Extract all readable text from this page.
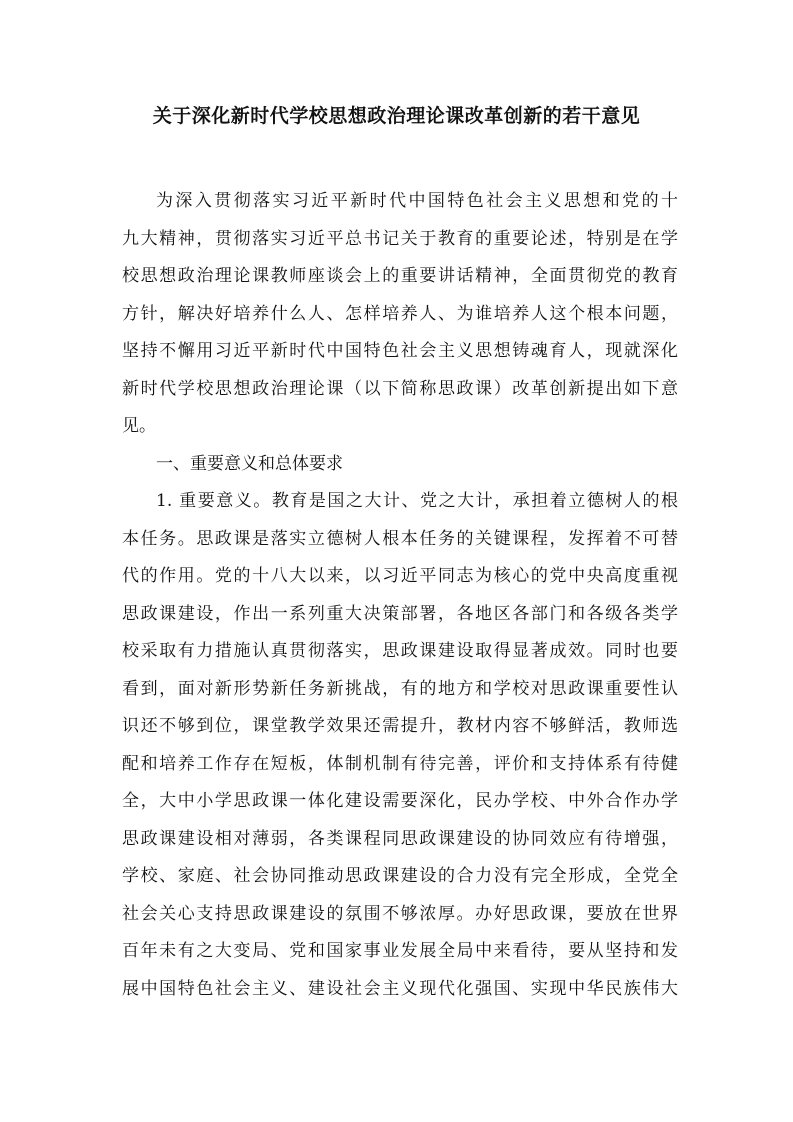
关于深化新时代学校思想政治理论课改革创新的若干意见
为深入贯彻落实习近平新时代中国特色社会主义思想和党的十
九大精神，贯彻落实习近平总书记关于教育的重要论述，特别是在学
校思想政治理论课教师座谈会上的重要讲话精神，全面贯彻党的教育
方针，解决好培养什么人、怎样培养人、为谁培养人这个根本问题，
坚持不懈用习近平新时代中国特色社会主义思想铸魂育人，现就深化
新时代学校思想政治理论课（以下简称思政课）改革创新提出如下意
见。
一、重要意义和总体要求
1. 重要意义。教育是国之大计、党之大计，承担着立德树人的根
本任务。思政课是落实立德树人根本任务的关键课程，发挥着不可替
代的作用。党的十八大以来，以习近平同志为核心的党中央高度重视
思政课建设，作出一系列重大决策部署，各地区各部门和各级各类学
校采取有力措施认真贯彻落实，思政课建设取得显著成效。同时也要
看到，面对新形势新任务新挑战，有的地方和学校对思政课重要性认
识还不够到位，课堂教学效果还需提升，教材内容不够鲜活，教师选
配和培养工作存在短板，体制机制有待完善，评价和支持体系有待健
全，大中小学思政课一体化建设需要深化，民办学校、中外合作办学
思政课建设相对薄弱，各类课程同思政课建设的协同效应有待增强，
学校、家庭、社会协同推动思政课建设的合力没有完全形成，全党全
社会关心支持思政课建设的氛围不够浓厚。办好思政课，要放在世界
百年未有之大变局、党和国家事业发展全局中来看待，要从坚持和发
展中国特色社会主义、建设社会主义现代化强国、实现中华民族伟大
